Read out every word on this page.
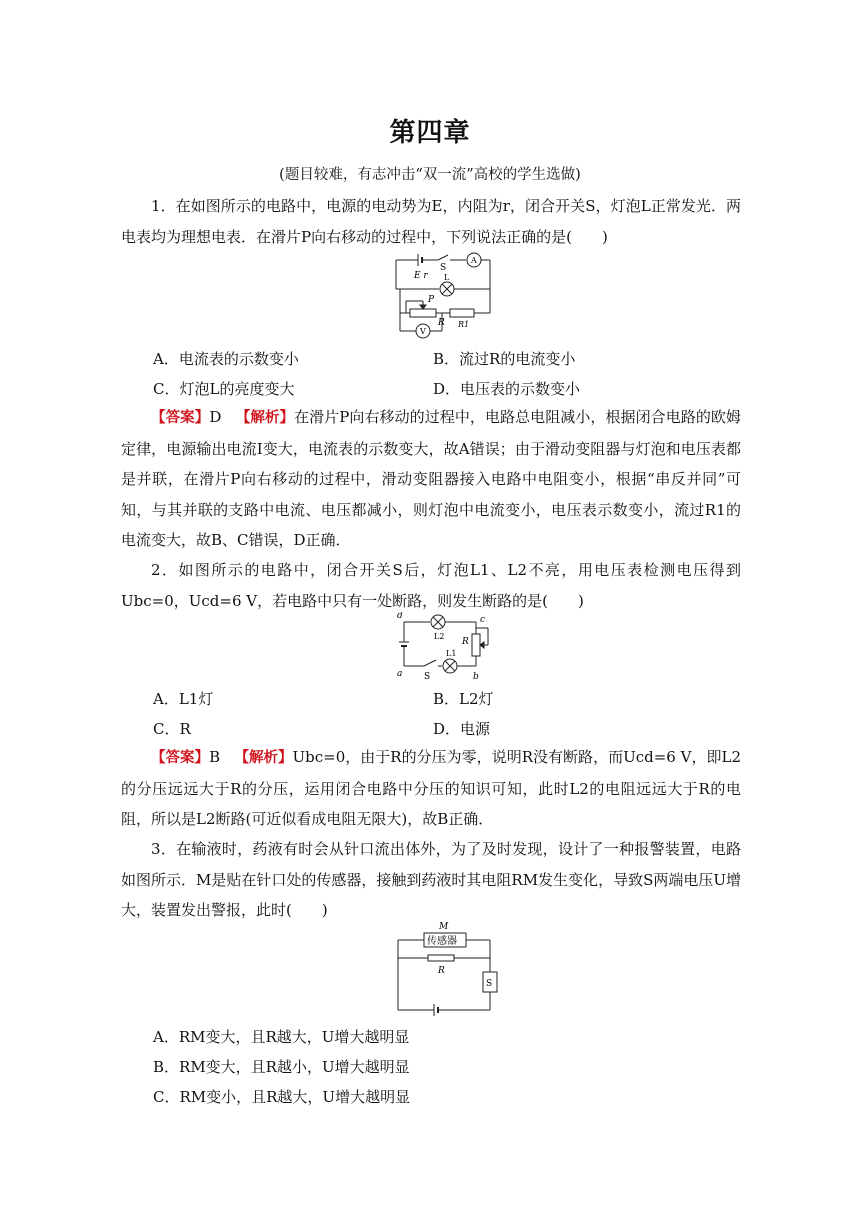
第四章
(题目较难，有志冲击“双一流”高校的学生选做)
1．在如图所示的电路中，电源的电动势为E，内阻为r，闭合开关S，灯泡L正常发光．两电表均为理想电表．在滑片P向右移动的过程中，下列说法正确的是(　　)
E r
S
A
L
P
V
R R1
A．电流表的示数变小	B．流过R的电流变小
C．灯泡L的亮度变大	D．电压表的示数变小
【答案】D 【解析】在滑片P向右移动的过程中，电路总电阻减小，根据闭合电路的欧姆定律，电源输出电流I变大，电流表的示数变大，故A错误；由于滑动变阻器与灯泡和电压表都是并联，在滑片P向右移动的过程中，滑动变阻器接入电路中电阻变小，根据“串反并同”可知，与其并联的支路中电流、电压都减小，则灯泡中电流变小，电压表示数变小，流过R1的电流变大，故B、C错误，D正确．
2．如图所示的电路中，闭合开关S后，灯泡L1、L2不亮，用电压表检测电压得到Ubc=0，Ucd=6 V，若电路中只有一处断路，则发生断路的是(　　)
d
L2
c
R
L1
a S	b
A．L1灯	B．L2灯
C．R	D．电源
【答案】B 【解析】Ubc=0，由于R的分压为零，说明R没有断路，而Ucd=6 V，即L2的分压远远大于R的分压，运用闭合电路中分压的知识可知，此时L2的电阻远远大于R的电阻，所以是L2断路(可近似看成电阻无限大)，故B正确．
3．在输液时，药液有时会从针口流出体外，为了及时发现，设计了一种报警装置，电路如图所示．M是贴在针口处的传感器，接触到药液时其电阻RM发生变化，导致S两端电压U增大，装置发出警报，此时(　　)
M
传感器
R
S
A．RM变大，且R越大，U增大越明显
B．RM变大，且R越小，U增大越明显
C．RM变小，且R越大，U增大越明显
